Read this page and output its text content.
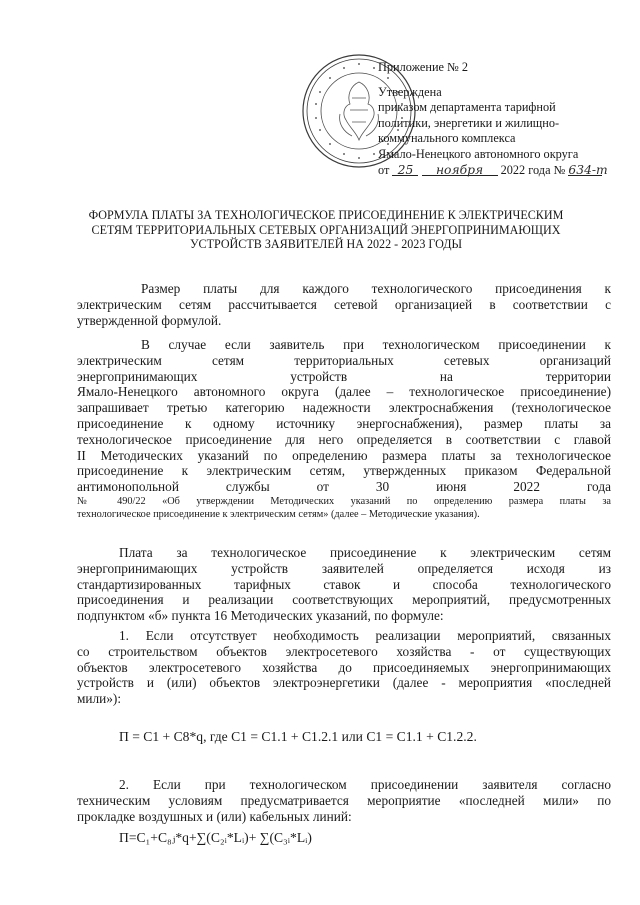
Приложение № 2
Утверждена
приказом департамента тарифной
политики, энергетики и жилищно-
коммунального комплекса
Ямало-Ненецкого автономного округа
от 25 ноября 2022 года № 634-т
ФОРМУЛА ПЛАТЫ ЗА ТЕХНОЛОГИЧЕСКОЕ ПРИСОЕДИНЕНИЕ К ЭЛЕКТРИЧЕСКИМ
СЕТЯМ ТЕРРИТОРИАЛЬНЫХ СЕТЕВЫХ ОРГАНИЗАЦИЙ ЭНЕРГОПРИНИМАЮЩИХ
УСТРОЙСТВ ЗАЯВИТЕЛЕЙ НА 2022 - 2023 ГОДЫ
Размер платы для каждого технологического присоединения к
электрическим сетям рассчитывается сетевой организацией в соответствии с
утвержденной формулой.
В случае если заявитель при технологическом присоединении к
электрическим сетям территориальных сетевых организаций
энергопринимающих устройств на территории
Ямало-Ненецкого автономного округа (далее – технологическое присоединение)
запрашивает третью категорию надежности электроснабжения (технологическое
присоединение к одному источнику энергоснабжения), размер платы за
технологическое присоединение для него определяется в соответствии с главой
II Методических указаний по определению размера платы за технологическое
присоединение к электрическим сетям, утвержденных приказом Федеральной
антимонопольной службы от 30 июня 2022 года
№ 490/22 «Об утверждении Методических указаний по определению размера платы за
технологическое присоединение к электрическим сетям» (далее – Методические указания).
Плата за технологическое присоединение к электрическим сетям
энергопринимающих устройств заявителей определяется исходя из
стандартизированных тарифных ставок и способа технологического
присоединения и реализации соответствующих мероприятий, предусмотренных
подпунктом «б» пункта 16 Методических указаний, по формуле:
1. Если отсутствует необходимость реализации мероприятий, связанных
со строительством объектов электросетевого хозяйства - от существующих
объектов электросетевого хозяйства до присоединяемых энергопринимающих
устройств и (или) объектов электроэнергетики (далее - мероприятия «последней
мили»):
П = С1 + С8*q, где С1 = С1.1 + С1.2.1 или С1 = С1.1 + С1.2.2.
2. Если при технологическом присоединении заявителя согласно
техническим условиям предусматривается мероприятие «последней мили» по
прокладке воздушных и (или) кабельных линий:
П=С₁+С₈ⱼ*q+∑(С₂ᵢ*Lᵢ)+ ∑(С₃ᵢ*Lᵢ)
